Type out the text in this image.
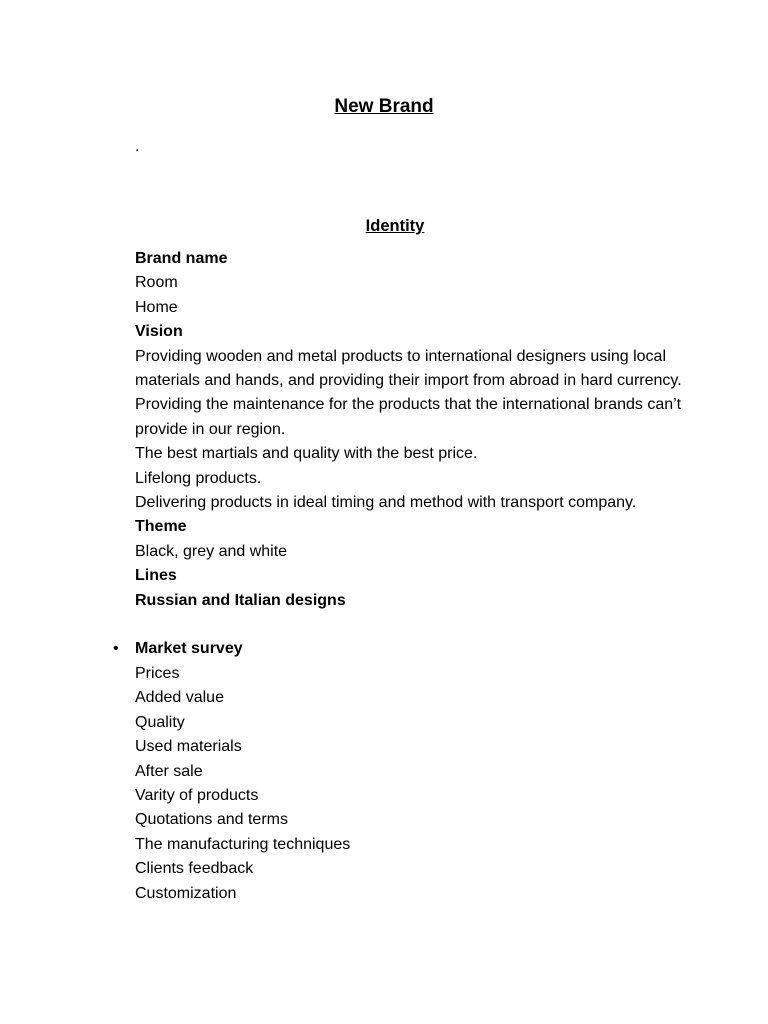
New Brand
.
Identity

Brand name

Room

Home

Vision

Providing wooden and metal products to international designers using local materials and hands, and providing their import from abroad in hard currency.

Providing the maintenance for the products that the international brands can’t provide in our region.

The best martials and quality with the best price.

Lifelong products.

Delivering products in ideal timing and method with transport company.

Theme

Black, grey and white

Lines

Russian and Italian designs

• Market survey

Prices

Added value

Quality

Used materials

After sale

Varity of products

Quotations and terms

The manufacturing techniques

Clients feedback

Customization
